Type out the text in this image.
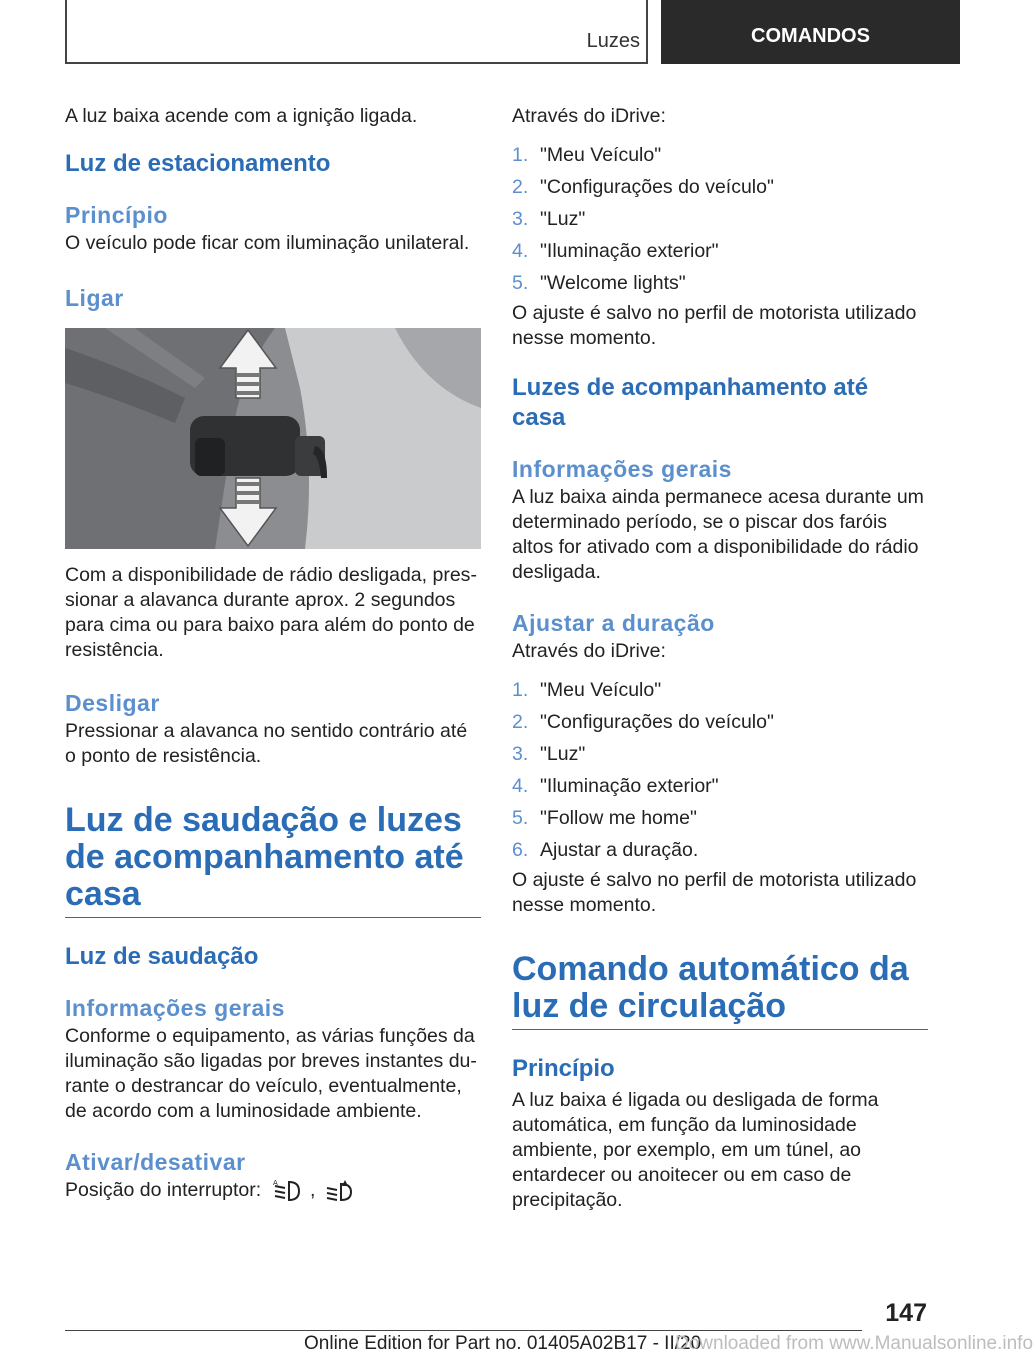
Luzes	COMANDOS

A luz baixa acende com a ignição ligada.

Luz de estacionamento
Princípio

O veículo pode ficar com iluminação unilateral.

Ligar

Com a disponibilidade de rádio desligada, pressionar a alavanca durante aprox. 2 segundos para cima ou para baixo para além do ponto de resistência.

Desligar

Pressionar a alavanca no sentido contrário até o ponto de resistência.

Luz de saudação e luzes de acompanhamento até casa
Luz de saudação
Informações gerais

Conforme o equipamento, as várias funções da iluminação são ligadas por breves instantes durante o destrancar do veículo, eventualmente, de acordo com a luminosidade ambiente.

Ativar/desativar

Posição do interruptor: A ,

Através do iDrive:

1. "Meu Veículo"
2. "Configurações do veículo"
3. "Luz"
4. "Iluminação exterior"
5. "Welcome lights"

O ajuste é salvo no perfil de motorista utilizado nesse momento.

Luzes de acompanhamento até casa
Informações gerais

A luz baixa ainda permanece acesa durante um determinado período, se o piscar dos faróis altos for ativado com a disponibilidade do rádio desligada.

Ajustar a duração

Através do iDrive:

1. "Meu Veículo"
2. "Configurações do veículo"
3. "Luz"
4. "Iluminação exterior"
5. "Follow me home"
6. Ajustar a duração.

O ajuste é salvo no perfil de motorista utilizado nesse momento.

Comando automático da luz de circulação
Princípio

A luz baixa é ligada ou desligada de forma automática, em função da luminosidade ambiente, por exemplo, em um túnel, ao entardecer ou anoitecer ou em caso de precipitação.

147
Online Edition for Part no. 01405A02B17 - II/20
Downloaded from www.Manualsonline.info
